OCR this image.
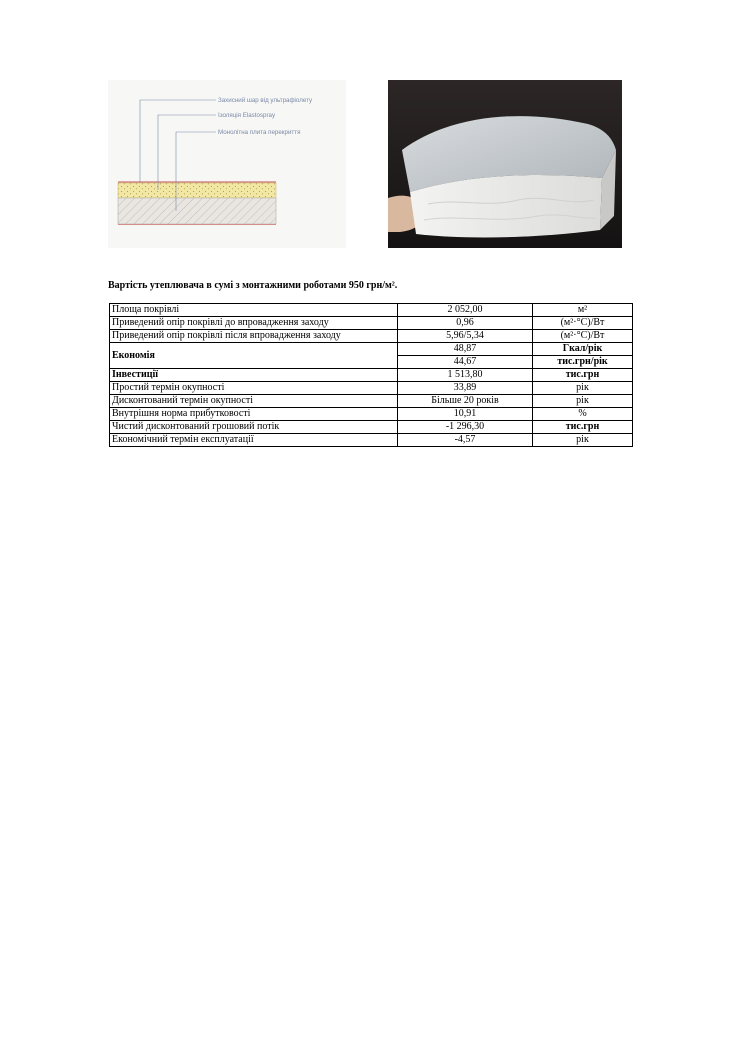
Захисний шар від ультрафіолету
Ізоляція Elastospray
Монолітна плита перекриття
Вартість утеплювача в сумі з монтажними роботами 950 грн/м².
Площа покрівлі	2 052,00	м²
Приведений опір покрівлі до впровадження заходу	0,96	(м²·°С)/Вт
Приведений опір покрівлі після впровадження заходу	5,96/5,34	(м²·°С)/Вт
Економія	48,87	Гкал/рік
	44,67	тис.грн/рік
Інвестиції	1 513,80	тис.грн
Простий термін окупності	33,89	рік
Дисконтований термін окупності	Більше 20 років	рік
Внутрішня норма прибутковості	10,91	%
Чистий дисконтований грошовий потік	-1 296,30	тис.грн
Економічний термін експлуатації	-4,57	рік
